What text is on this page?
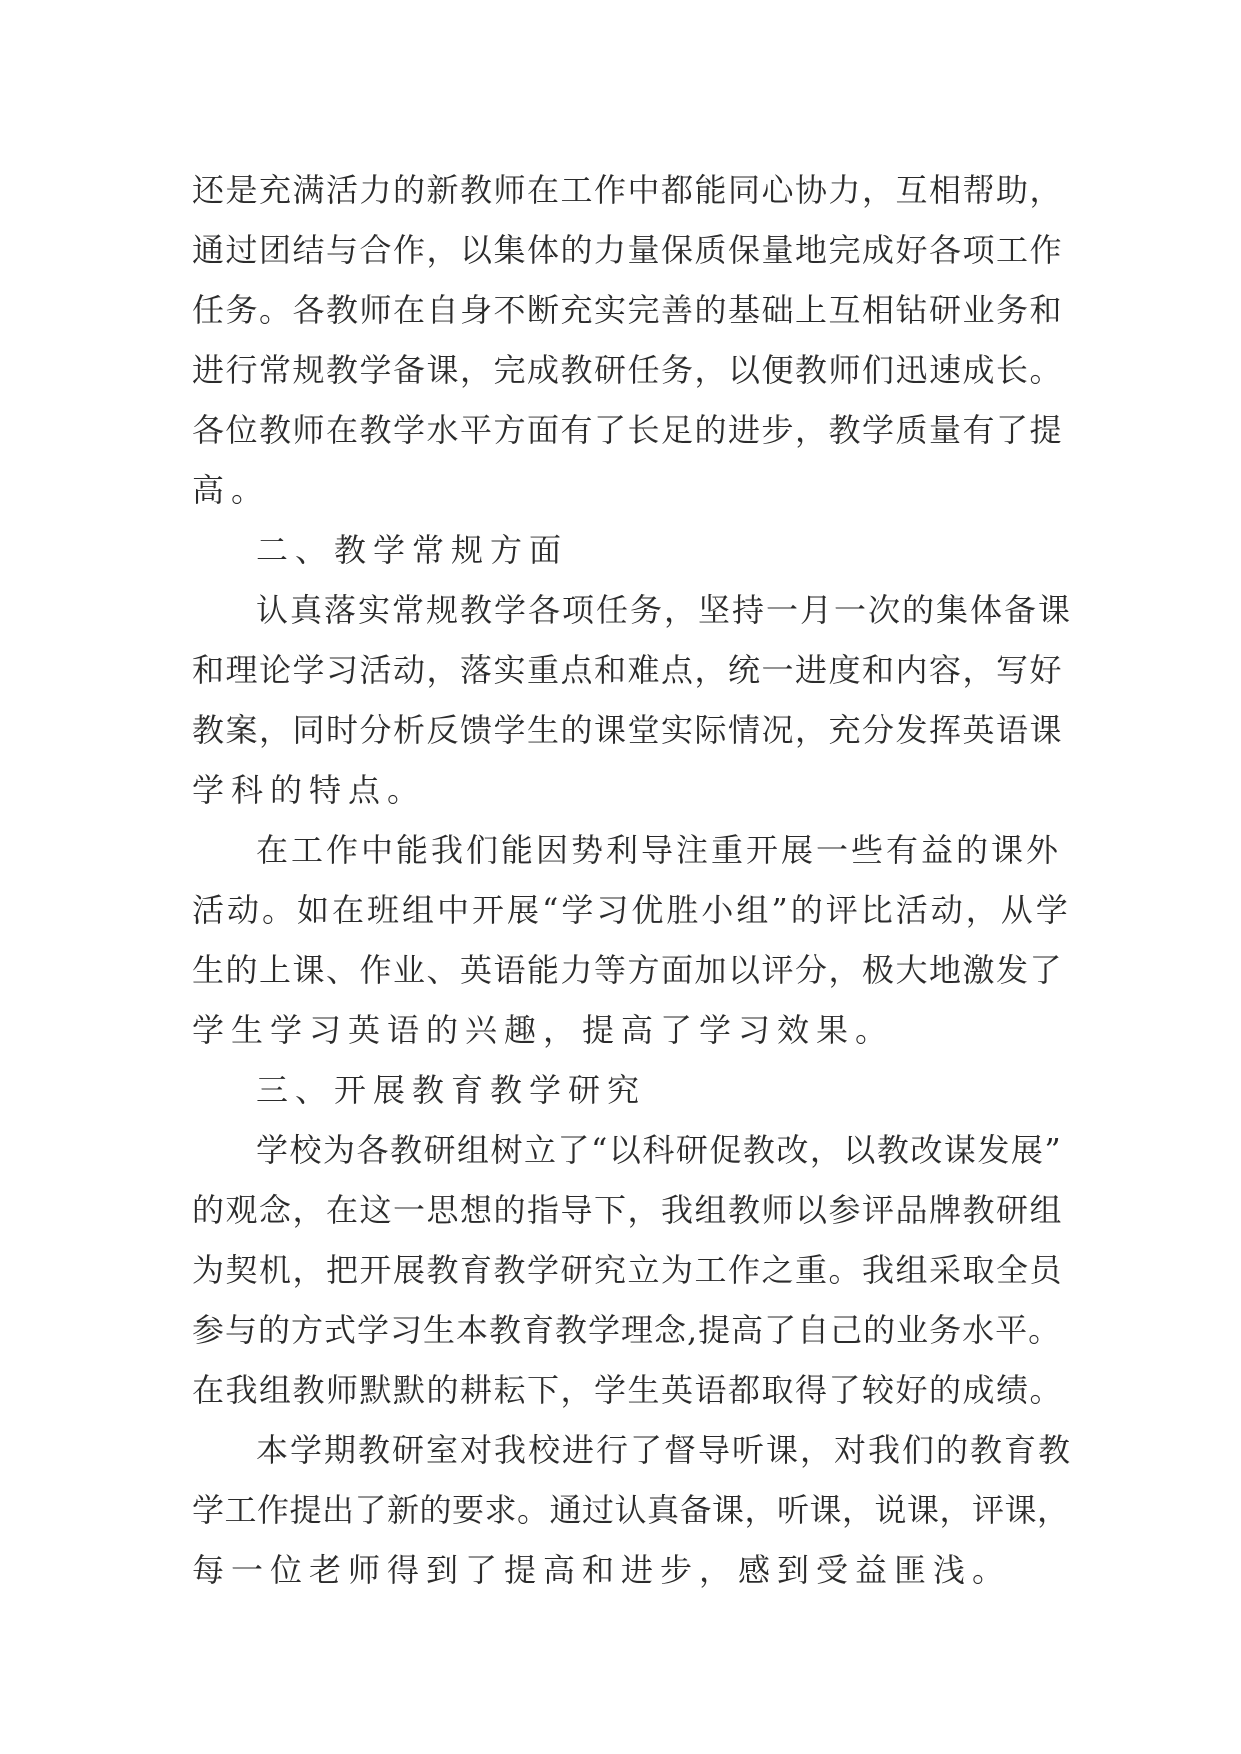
还是充满活力的新教师在工作中都能同心协力，互相帮助，
通过团结与合作，以集体的力量保质保量地完成好各项工作
任务。各教师在自身不断充实完善的基础上互相钻研业务和
进行常规教学备课，完成教研任务，以便教师们迅速成长。
各位教师在教学水平方面有了长足的进步，教学质量有了提
高。
二、教学常规方面
认真落实常规教学各项任务，坚持一月一次的集体备课
和理论学习活动，落实重点和难点，统一进度和内容，写好
教案，同时分析反馈学生的课堂实际情况，充分发挥英语课
学科的特点。
在工作中能我们能因势利导注重开展一些有益的课外
活动。如在班组中开展“学习优胜小组”的评比活动，从学
生的上课、作业、英语能力等方面加以评分，极大地激发了
学生学习英语的兴趣，提高了学习效果。
三、开展教育教学研究
学校为各教研组树立了“以科研促教改，以教改谋发展”
的观念，在这一思想的指导下，我组教师以参评品牌教研组
为契机，把开展教育教学研究立为工作之重。我组采取全员
参与的方式学习生本教育教学理念,提高了自己的业务水平。
在我组教师默默的耕耘下，学生英语都取得了较好的成绩。
本学期教研室对我校进行了督导听课，对我们的教育教
学工作提出了新的要求。通过认真备课，听课，说课，评课，
每一位老师得到了提高和进步，感到受益匪浅。
